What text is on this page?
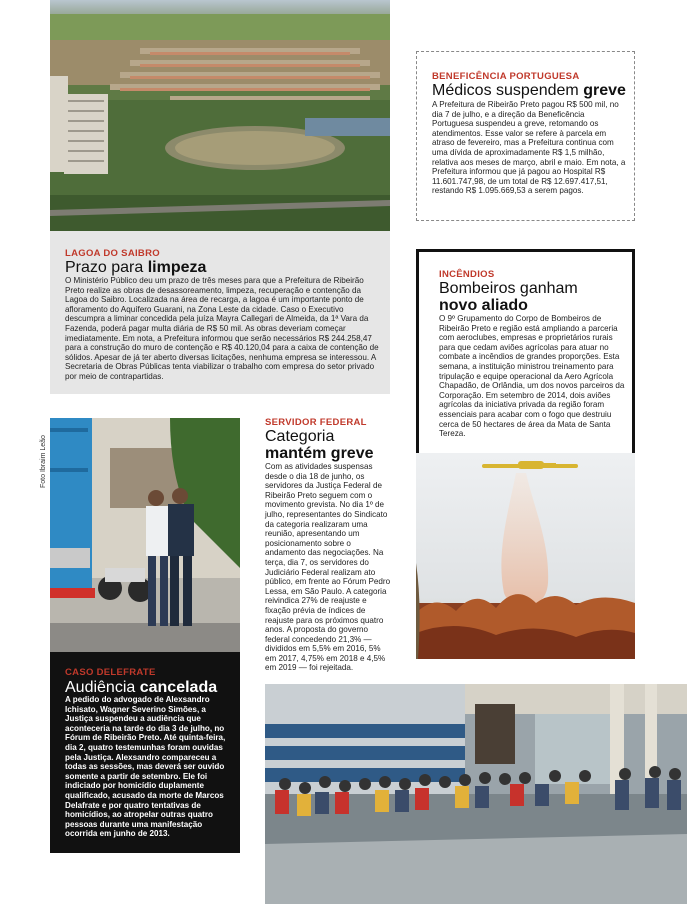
BENEFICÊNCIA PORTUGUESA
Médicos suspendem greve
A Prefeitura de Ribeirão Preto pagou R$ 500 mil, no dia 7 de julho, e a direção da Beneficência Portuguesa suspendeu a greve, retomando os atendimentos. Esse valor se refere à parcela em atraso de fevereiro, mas a Prefeitura continua com uma dívida de aproximadamente R$ 1,5 milhão, relativa aos meses de março, abril e maio. Em nota, a Prefeitura informou que já pagou ao Hospital R$ 11.601.747,98, de um total de R$ 12.697.417,51, restando R$ 1.095.669,53 a serem pagos.
LAGOA DO SAIBRO
Prazo para limpeza
O Ministério Público deu um prazo de três meses para que a Prefeitura de Ribeirão Preto realize as obras de desassoreamento, limpeza, recuperação e contenção da Lagoa do Saibro. Localizada na área de recarga, a lagoa é um importante ponto de afloramento do Aquífero Guarani, na Zona Leste da cidade. Caso o Executivo descumpra a liminar concedida pela juíza Mayra Callegari de Almeida, da 1ª Vara da Fazenda, poderá pagar multa diária de R$ 50 mil. As obras deveriam começar imediatamente. Em nota, a Prefeitura informou que serão necessários R$ 244.258,47 para a construção do muro de contenção e R$ 40.120,04 para a caixa de contenção de sólidos. Apesar de já ter aberto diversas licitações, nenhuma empresa se interessou. A Secretaria de Obras Públicas tenta viabilizar o trabalho com empresa do setor privado por meio de contrapartidas.
INCÊNDIOS
Bombeiros ganham
novo aliado
O 9º Grupamento do Corpo de Bombeiros de Ribeirão Preto e região está ampliando a parceria com aeroclubes, empresas e proprietários rurais para que cedam aviões agrícolas para atuar no combate a incêndios de grandes proporções. Esta semana, a instituição ministrou treinamento para tripulação e equipe operacional da Aero Agrícola Chapadão, de Orlândia, um dos novos parceiros da Corporação. Em setembro de 2014, dois aviões agrícolas da iniciativa privada da região foram essenciais para acabar com o fogo que destruiu cerca de 50 hectares de área da Mata de Santa Tereza.
Foto Ibraim Leão
SERVIDOR FEDERAL
Categoria
mantém greve
Com as atividades suspensas desde o dia 18 de junho, os servidores da Justiça Federal de Ribeirão Preto seguem com o movimento grevista. No dia 1º de julho, representantes do Sindicato da categoria realizaram uma reunião, apresentando um posicionamento sobre o andamento das negociações. Na terça, dia 7, os servidores do Judiciário Federal realizam ato público, em frente ao Fórum Pedro Lessa, em São Paulo. A categoria reivindica 27% de reajuste e fixação prévia de índices de reajuste para os próximos quatro anos. A proposta do governo federal concedendo 21,3% — divididos em 5,5% em 2016, 5% em 2017, 4,75% em 2018 e 4,5% em 2019 — foi rejeitada.
CASO DELEFRATE
Audiência cancelada
A pedido do advogado de Alexsandro Ichisato, Wagner Severino Simões, a Justiça suspendeu a audiência que aconteceria na tarde do dia 3 de julho, no Fórum de Ribeirão Preto. Até quinta-feira, dia 2, quatro testemunhas foram ouvidas pela Justiça. Alexsandro compareceu a todas as sessões, mas deverá ser ouvido somente a partir de setembro. Ele foi indiciado por homicídio duplamente qualificado, acusado da morte de Marcos Delafrate e por quatro tentativas de homicídios, ao atropelar outras quatro pessoas durante uma manifestação ocorrida em junho de 2013.
